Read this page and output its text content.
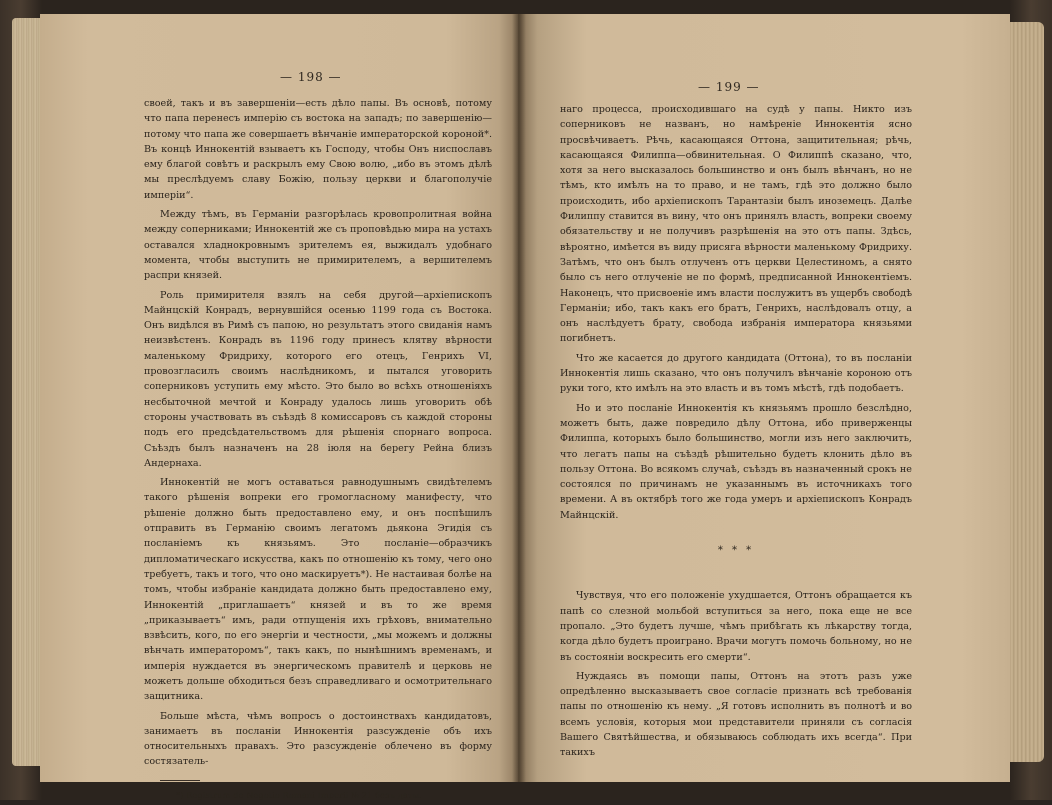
— 198 —

своей, такъ и въ завершеніи—есть дѣло папы. Въ основѣ, потому что папа перенесъ имперію съ востока на западъ; по завершенію—потому что папа же совершаетъ вѣнчаніе императорской короной*. Въ концѣ Иннокентій взываетъ къ Господу, чтобы Онъ ниспославъ ему благой совѣтъ и раскрылъ ему Свою волю, „ибо въ этомъ дѣлѣ мы преслѣдуемъ славу Божію, пользу церкви и благополучіе имперіи“.

Между тѣмъ, въ Германіи разгорѣлась кровопролитная война между соперниками; Иннокентій же съ проповѣдью мира на устахъ оставался хладнокровнымъ зрителемъ ея, выжидалъ удобнаго момента, чтобы выступить не примирителемъ, а вершителемъ распри князей.

Роль примирителя взялъ на себя другой—архіепископъ Майнцскій Конрадъ, вернувшійся осенью 1199 года съ Востока. Онъ видѣлся въ Римѣ съ папою, но результатъ этого свиданія намъ неизвѣстенъ. Конрадъ въ 1196 году принесъ клятву вѣрности маленькому Фридриху, которого его отецъ, Генрихъ VI, провозгласилъ своимъ наслѣдникомъ, и пытался уговорить соперниковъ уступить ему мѣсто. Это было во всѣхъ отношеніяхъ несбыточной мечтой и Конраду удалось лишь уговорить обѣ стороны участвовать въ съѣздѣ 8 комиссаровъ съ каждой стороны подъ его предсѣдательствомъ для рѣшенія спорнаго вопроса. Съѣздъ былъ назначенъ на 28 іюля на берегу Рейна близъ Андернаха.

Иннокентій не могъ оставаться равнодушнымъ свидѣтелемъ такого рѣшенія вопреки его громогласному манифесту, что рѣшеніе должно быть предоставлено ему, и онъ поспѣшилъ отправить въ Германію своимъ легатомъ дьякона Эгидія съ посланіемъ къ князьямъ. Это посланіе—образчикъ дипломатическаго искусства, какъ по отношенію къ тому, чего оно требуетъ, такъ и того, что оно маскируетъ*). Не настаивая болѣе на томъ, чтобы избраніе кандидата должно быть предоставлено ему, Иннокентій „приглашаетъ“ князей и въ то же время „приказываетъ“ имъ, ради отпущенія ихъ грѣховъ, внимательно взвѣсить, кого, по его энергіи и честности, „мы можемъ и должны вѣнчать императоромъ“, такъ какъ, по нынѣшнимъ временамъ, и имперія нуждается въ энергическомъ правителѣ и церковь не можетъ дольше обходиться безъ справедливаго и осмотрительнаго защитника.

Больше мѣста, чѣмъ вопросъ о достоинствахъ кандидатовъ, занимаетъ въ посланіи Иннокентія разсужденіе объ ихъ относительныхъ правахъ. Это разсужденіе облечено въ форму состязатель-

*) Registrum de Negotio Romani Imperii № 21 безъ даты.

— 199 —

наго процесса, происходившаго на судѣ у папы. Никто изъ соперниковъ не названъ, но намѣреніе Иннокентія ясно просвѣчиваетъ. Рѣчь, касающаяся Оттона, защитительная; рѣчь, касающаяся Филиппа—обвинительная. О Филиппѣ сказано, что, хотя за него высказалось большинство и онъ былъ вѣнчанъ, но не тѣмъ, кто имѣлъ на то право, и не тамъ, гдѣ это должно было происходить, ибо архіепископъ Тарантазіи былъ иноземецъ. Далѣе Филиппу ставится въ вину, что онъ принялъ власть, вопреки своему обязательству и не получивъ разрѣшенія на это отъ папы. Здѣсь, вѣроятно, имѣется въ виду присяга вѣрности маленькому Фридриху. Затѣмъ, что онъ былъ отлученъ отъ церкви Целестиномъ, а снято было съ него отлученіе не по формѣ, предписанной Иннокентіемъ. Наконецъ, что присвоеніе имъ власти послужитъ въ ущербъ свободѣ Германіи; ибо, такъ какъ его братъ, Генрихъ, наслѣдовалъ отцу, а онъ наслѣдуетъ брату, свобода избранія императора князьями погибнетъ.

Что же касается до другого кандидата (Оттона), то въ посланіи Иннокентія лишь сказано, что онъ получилъ вѣнчаніе короною отъ руки того, кто имѣлъ на это власть и въ томъ мѣстѣ, гдѣ подобаетъ.

Но и это посланіе Иннокентія къ князьямъ прошло безслѣдно, можетъ быть, даже повредило дѣлу Оттона, ибо приверженцы Филиппа, которыхъ было большинство, могли изъ него заключить, что легатъ папы на съѣздѣ рѣшительно будетъ клонить дѣло въ пользу Оттона. Во всякомъ случаѣ, съѣздъ въ назначенный срокъ не состоялся по причинамъ не указаннымъ въ источникахъ того времени. А въ октябрѣ того же года умеръ и архіепископъ Конрадъ Майнцскій.

* * *

Чувствуя, что его положеніе ухудшается, Оттонъ обращается къ папѣ со слезной мольбой вступиться за него, пока еще не все пропало. „Это будетъ лучше, чѣмъ прибѣгать къ лѣкарству тогда, когда дѣло будетъ проиграно. Врачи могутъ помочь больному, но не въ состояніи воскресить его смерти“.

Нуждаясь въ помощи папы, Оттонъ на этотъ разъ уже опредѣленно высказываетъ свое согласіе признать всѣ требованія папы по отношенію къ нему. „Я готовъ исполнить въ полнотѣ и во всемъ условія, которыя мои представители приняли съ согласія Вашего Святѣйшества, и обязываюсь соблюдать ихъ всегда“. При такихъ
